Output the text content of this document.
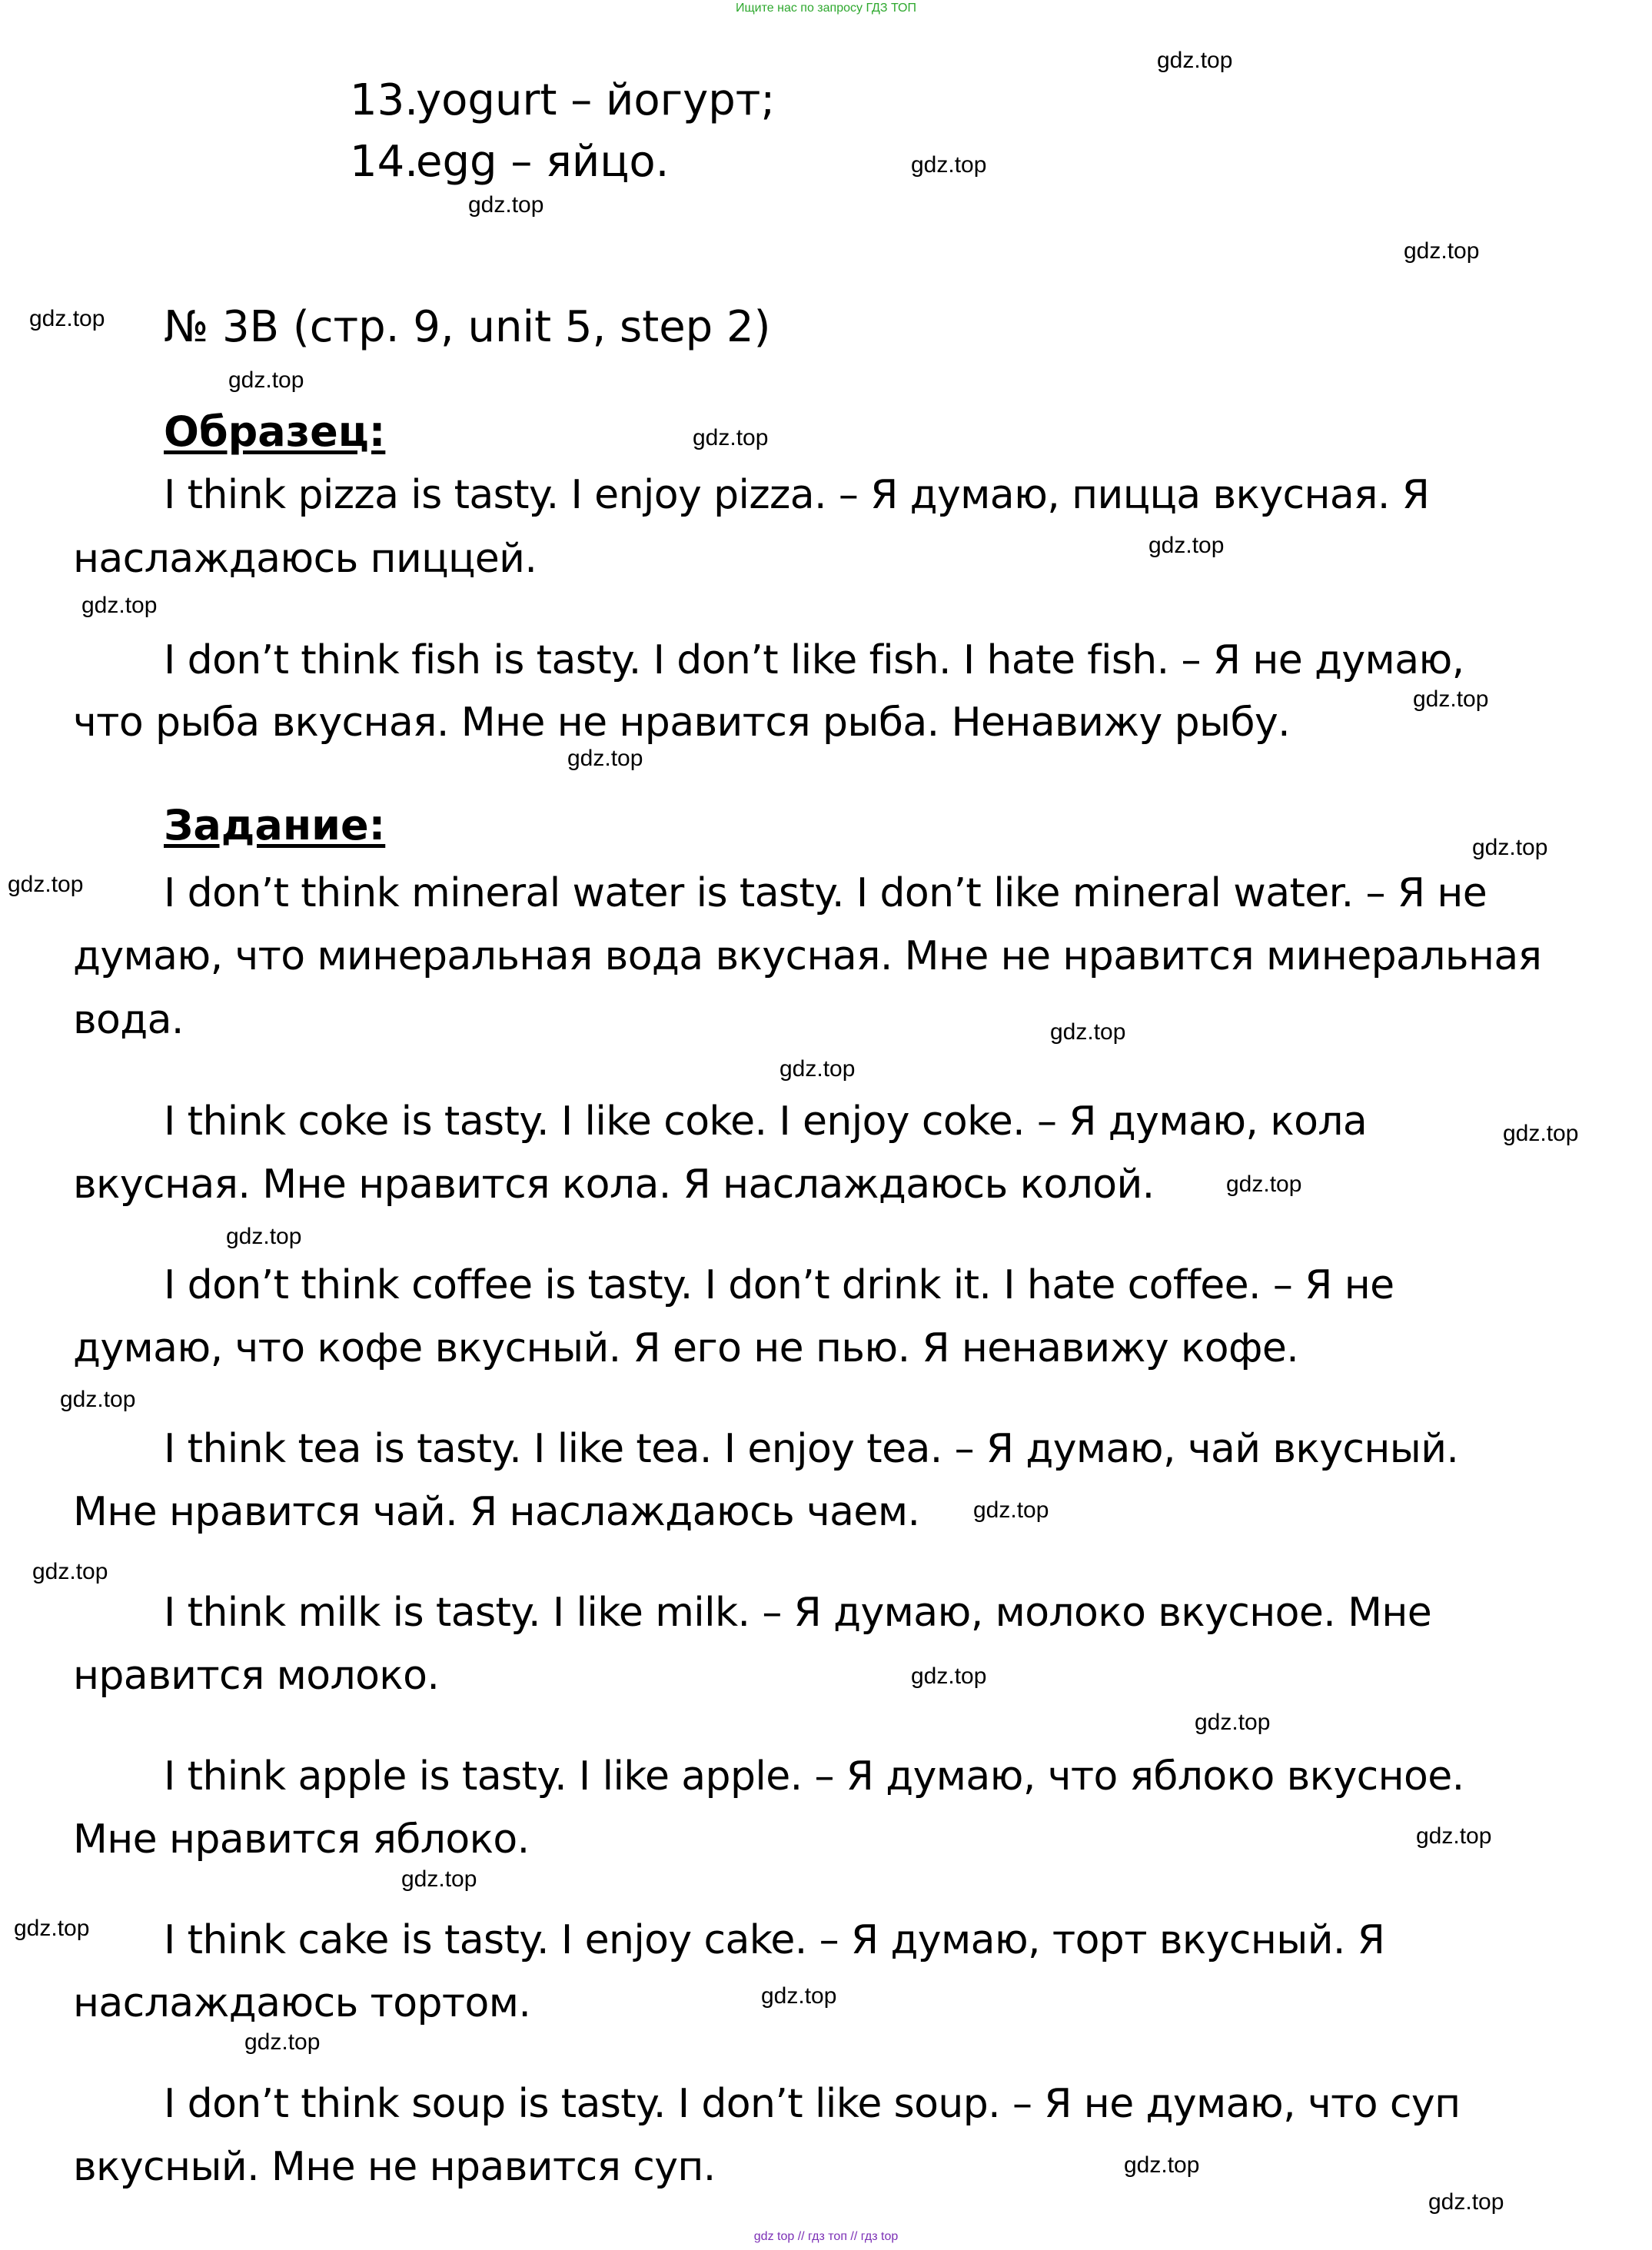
Ищите нас по запросу ГДЗ ТОП
13.yogurt – йогурт;
14.egg – яйцо.
№ 3B (стр. 9, unit 5, step 2)
Образец:
I think pizza is tasty. I enjoy pizza. – Я думаю, пицца вкусная. Я
наслаждаюсь пиццей.
I don’t think fish is tasty. I don’t like fish. I hate fish. – Я не думаю,
что рыба вкусная. Мне не нравится рыба. Ненавижу рыбу.
Задание:
I don’t think mineral water is tasty. I don’t like mineral water. – Я не
думаю, что минеральная вода вкусная. Мне не нравится минеральная
вода.
I think coke is tasty. I like coke. I enjoy coke. – Я думаю, кола
вкусная. Мне нравится кола. Я наслаждаюсь колой.
I don’t think coffee is tasty. I don’t drink it. I hate coffee. – Я не
думаю, что кофе вкусный. Я его не пью. Я ненавижу кофе.
I think tea is tasty. I like tea. I enjoy tea. – Я думаю, чай вкусный.
Мне нравится чай. Я наслаждаюсь чаем.
I think milk is tasty. I like milk. – Я думаю, молоко вкусное. Мне
нравится молоко.
I think apple is tasty. I like apple. – Я думаю, что яблоко вкусное.
Мне нравится яблоко.
I think cake is tasty. I enjoy cake. – Я думаю, торт вкусный. Я
наслаждаюсь тортом.
I don’t think soup is tasty. I don’t like soup. – Я не думаю, что суп
вкусный. Мне не нравится суп.
gdz.top
gdz.top
gdz.top
gdz.top
gdz.top
gdz.top
gdz.top
gdz.top
gdz.top
gdz.top
gdz.top
gdz.top
gdz.top
gdz.top
gdz.top
gdz.top
gdz.top
gdz.top
gdz.top
gdz.top
gdz.top
gdz.top
gdz.top
gdz.top
gdz.top
gdz.top
gdz.top
gdz.top
gdz.top
gdz.top
gdz top // гдз топ // гдз top
